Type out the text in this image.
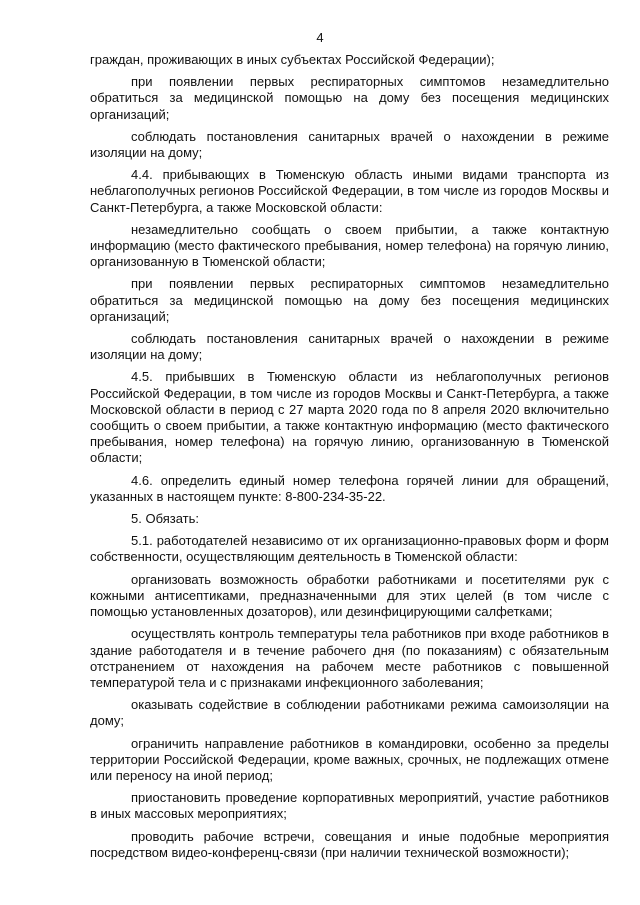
4

граждан, проживающих в иных субъектах Российской Федерации);

при появлении первых респираторных симптомов незамедлительно обратиться за медицинской помощью на дому без посещения медицинских организаций;

соблюдать постановления санитарных врачей о нахождении в режиме изоляции на дому;

4.4. прибывающих в Тюменскую область иными видами транспорта из неблагополучных регионов Российской Федерации, в том числе из городов Москвы и Санкт-Петербурга, а также Московской области:

незамедлительно сообщать о своем прибытии, а также контактную информацию (место фактического пребывания, номер телефона) на горячую линию, организованную в Тюменской области;

при появлении первых респираторных симптомов незамедлительно обратиться за медицинской помощью на дому без посещения медицинских организаций;

соблюдать постановления санитарных врачей о нахождении в режиме изоляции на дому;

4.5. прибывших в Тюменскую области из неблагополучных регионов Российской Федерации, в том числе из городов Москвы и Санкт-Петербурга, а также Московской области в период с 27 марта 2020 года по 8 апреля 2020 включительно сообщить о своем прибытии, а также контактную информацию (место фактического пребывания, номер телефона) на горячую линию, организованную в Тюменской области;

4.6. определить единый номер телефона горячей линии для обращений, указанных в настоящем пункте: 8-800-234-35-22.

5. Обязать:

5.1. работодателей независимо от их организационно-правовых форм и форм собственности, осуществляющим деятельность в Тюменской области:

организовать возможность обработки работниками и посетителями рук с кожными антисептиками, предназначенными для этих целей (в том числе с помощью установленных дозаторов), или дезинфицирующими салфетками;

осуществлять контроль температуры тела работников при входе работников в здание работодателя и в течение рабочего дня (по показаниям) с обязательным отстранением от нахождения на рабочем месте работников с повышенной температурой тела и с признаками инфекционного заболевания;

оказывать содействие в соблюдении работниками режима самоизоляции на дому;

ограничить направление работников в командировки, особенно за пределы территории Российской Федерации, кроме важных, срочных, не подлежащих отмене или переносу на иной период;

приостановить проведение корпоративных мероприятий, участие работников в иных массовых мероприятиях;

проводить рабочие встречи, совещания и иные подобные мероприятия посредством видео-конференц-связи (при наличии технической возможности);
